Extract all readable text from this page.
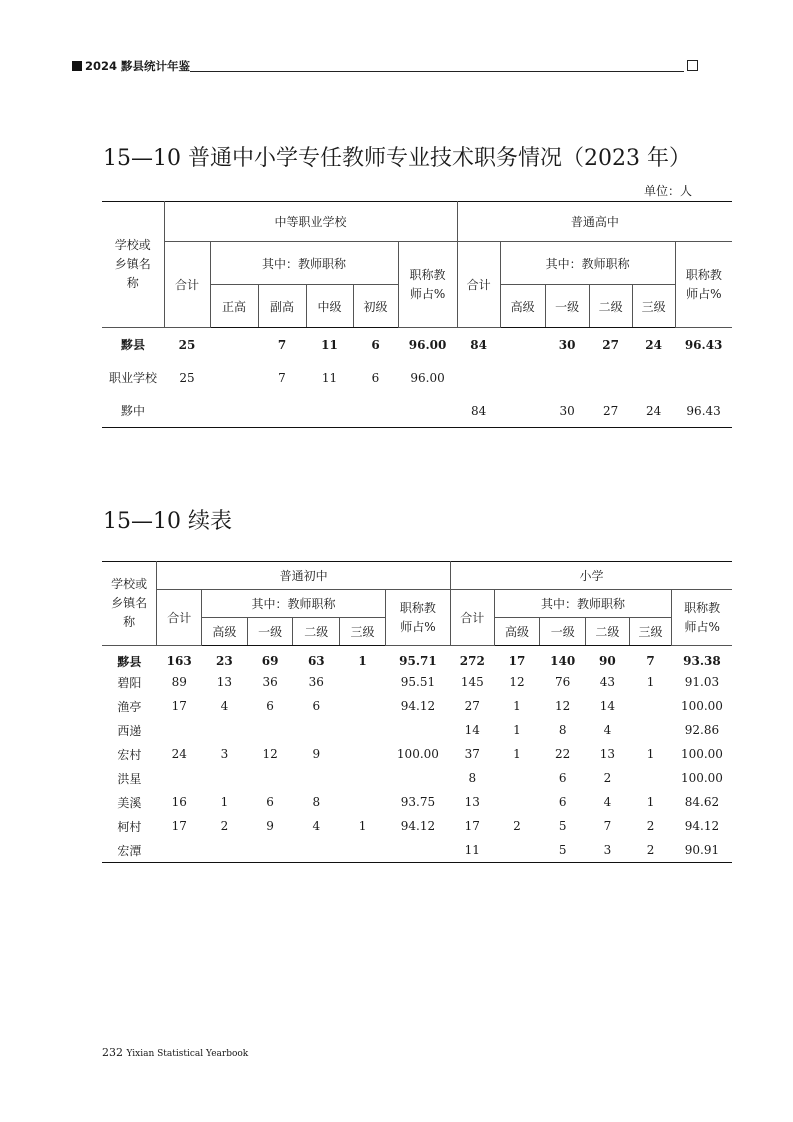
2024 黟县统计年鉴
15—10 普通中小学专任教师专业技术职务情况（2023 年）
单位：人
学校或乡镇名称	中等职业学校						普通高中					
	合计	其中：教师职称				职称教师占%	合计	其中：教师职称				职称教师占%

		正高	副高	中级	初级			高级	一级	二级	三级	
黟县	25		7	11	6	96.00	84		30	27	24	96.43
职业学校	25		7	11	6	96.00						
黟中							84		30	27	24	96.43
15—10 续表
学校或乡镇名称	普通初中						小学					
	合计	其中：教师职称				职称教师占%	合计	其中：教师职称				职称教师占%

		高级	一级	二级	三级			高级	一级	二级	三级	
黟县	163	23	69	63	1	95.71	272	17	140	90	7	93.38
碧阳	89	13	36	36		95.51	145	12	76	43	1	91.03
渔亭	17	4	6	6		94.12	27	1	12	14		100.00
西递							14	1	8	4		92.86
宏村	24	3	12	9		100.00	37	1	22	13	1	100.00
洪星							8		6	2		100.00
美溪	16	1	6	8		93.75	13		6	4	1	84.62
柯村	17	2	9	4	1	94.12	17	2	5	7	2	94.12
宏潭							11		5	3	2	90.91
232 Yixian Statistical Yearbook
